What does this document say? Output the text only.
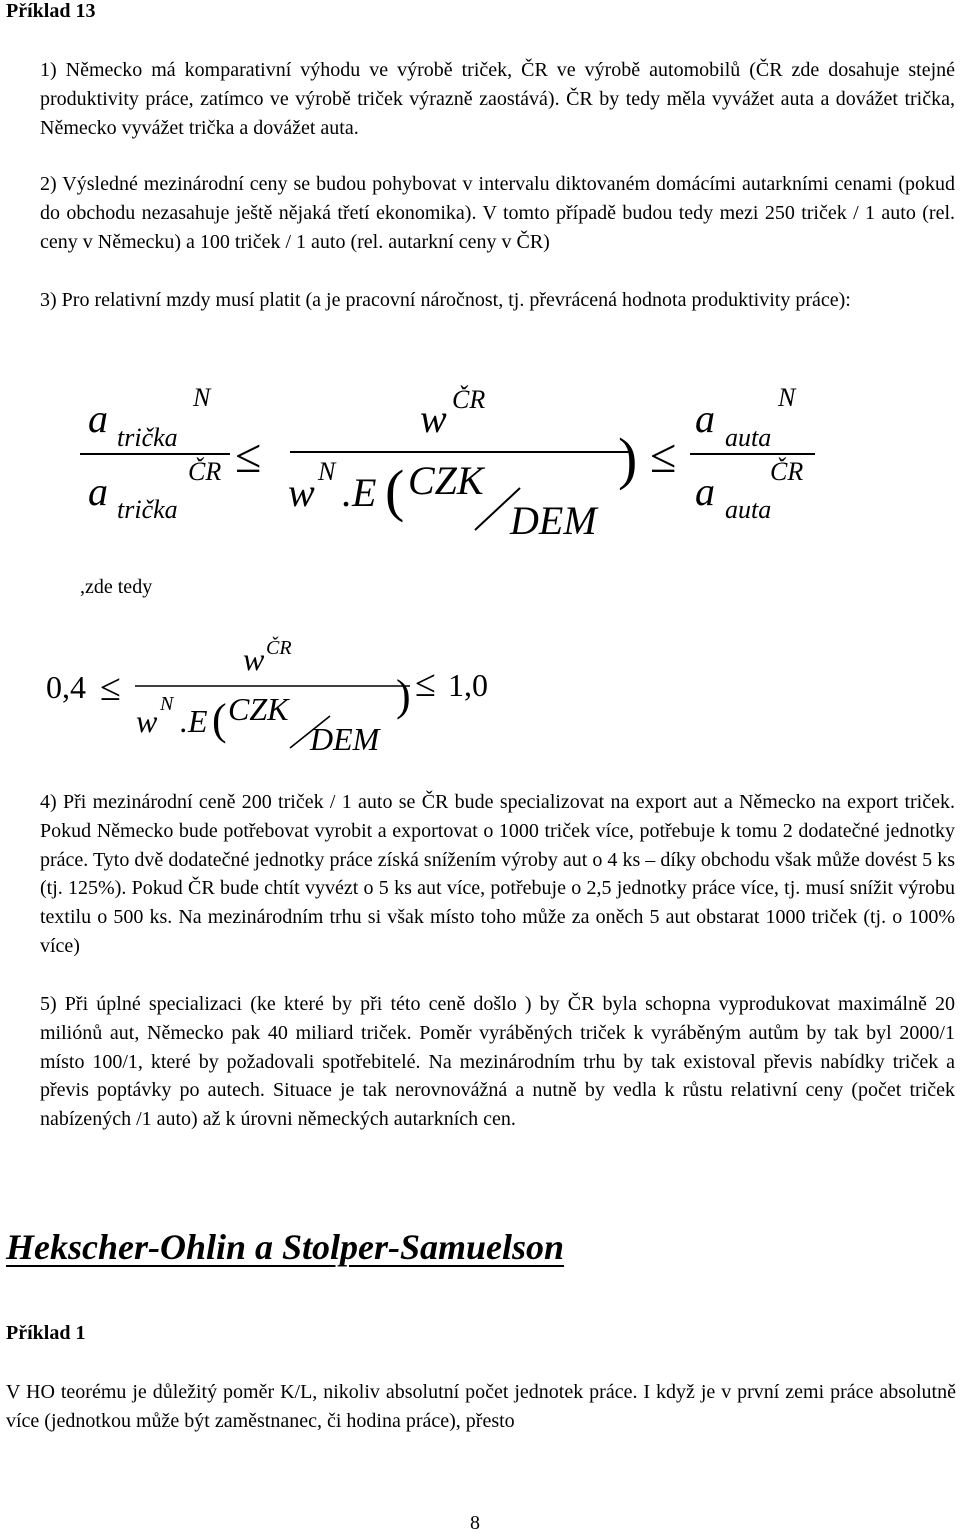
Příklad 13
1) Německo má komparativní výhodu ve výrobě triček, ČR ve výrobě automobilů (ČR zde dosahuje stejné produktivity práce, zatímco ve výrobě triček výrazně zaostává). ČR by tedy měla vyvážet auta a dovážet trička, Německo vyvážet trička a dovážet auta.
2) Výsledné mezinárodní ceny se budou pohybovat v intervalu diktovaném domácími autarkními cenami (pokud do obchodu nezasahuje ještě nějaká třetí ekonomika). V tomto případě budou tedy mezi 250 triček / 1 auto (rel. ceny v Německu) a 100 triček / 1 auto (rel. autarkní ceny v ČR)
3) Pro relativní mzdy musí platit (a je pracovní náročnost, tj. převrácená hodnota produktivity práce):
a trička
N
a trička
ČR ≤
w ČR
w N .E ( CZK
DEM
) ≤
a auta
N
a auta
ČR
,zde tedy
0,4 ≤
w ČR
w N .E ( CZK
DEM
) ≤ 1,0
4) Při mezinárodní ceně 200 triček / 1 auto se ČR bude specializovat na export aut a Německo na export triček. Pokud Německo bude potřebovat vyrobit a exportovat o 1000 triček více, potřebuje k tomu 2 dodatečné jednotky práce. Tyto dvě dodatečné jednotky práce získá snížením výroby aut o 4 ks – díky obchodu však může dovést 5 ks (tj. 125%). Pokud ČR bude chtít vyvézt o 5 ks aut více, potřebuje o 2,5 jednotky práce více, tj. musí snížit výrobu textilu o 500 ks. Na mezinárodním trhu si však místo toho může za oněch 5 aut obstarat 1000 triček (tj. o 100% více)
5) Při úplné specializaci (ke které by při této ceně došlo ) by ČR byla schopna vyprodukovat maximálně 20 miliónů aut, Německo pak 40 miliard triček. Poměr vyráběných triček k vyráběným autům by tak byl 2000/1 místo 100/1, které by požadovali spotřebitelé. Na mezinárodním trhu by tak existoval převis nabídky triček a převis poptávky po autech. Situace je tak nerovnovážná a nutně by vedla k růstu relativní ceny (počet triček nabízených /1 auto) až k úrovni německých autarkních cen.
Hekscher-Ohlin a Stolper-Samuelson
Příklad 1
V HO teorému je důležitý poměr K/L, nikoliv absolutní počet jednotek práce. I když je v první zemi práce absolutně více (jednotkou může být zaměstnanec, či hodina práce), přesto
8
